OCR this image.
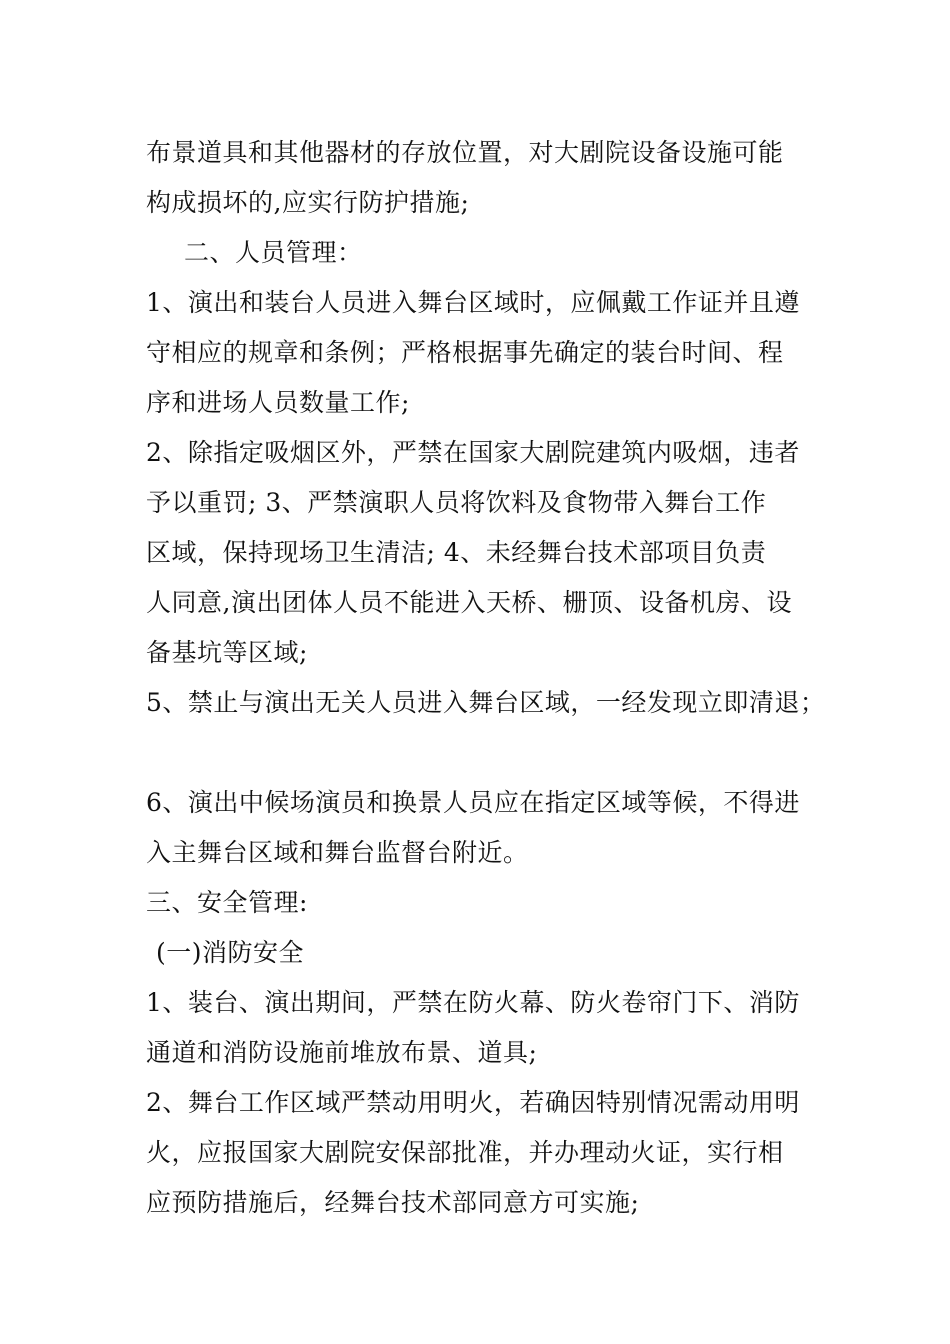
布景道具和其他器材的存放位置，对大剧院设备设施可能
构成损坏的,应实行防护措施;
二、人员管理：
1、演出和装台人员进入舞台区域时，应佩戴工作证并且遵
守相应的规章和条例；严格根据事先确定的装台时间、程
序和进场人员数量工作;
2、除指定吸烟区外，严禁在国家大剧院建筑内吸烟，违者
予以重罚; 3、严禁演职人员将饮料及食物带入舞台工作
区域，保持现场卫生清洁; 4、未经舞台技术部项目负责
人同意,演出团体人员不能进入天桥、栅顶、设备机房、设
备基坑等区域;
5、禁止与演出无关人员进入舞台区域，一经发现立即清退；
6、演出中候场演员和换景人员应在指定区域等候，不得进
入主舞台区域和舞台监督台附近。
三、安全管理:
(一)消防安全
1、装台、演出期间，严禁在防火幕、防火卷帘门下、消防
通道和消防设施前堆放布景、道具;
2、舞台工作区域严禁动用明火，若确因特别情况需动用明
火，应报国家大剧院安保部批准，并办理动火证，实行相
应预防措施后，经舞台技术部同意方可实施;
